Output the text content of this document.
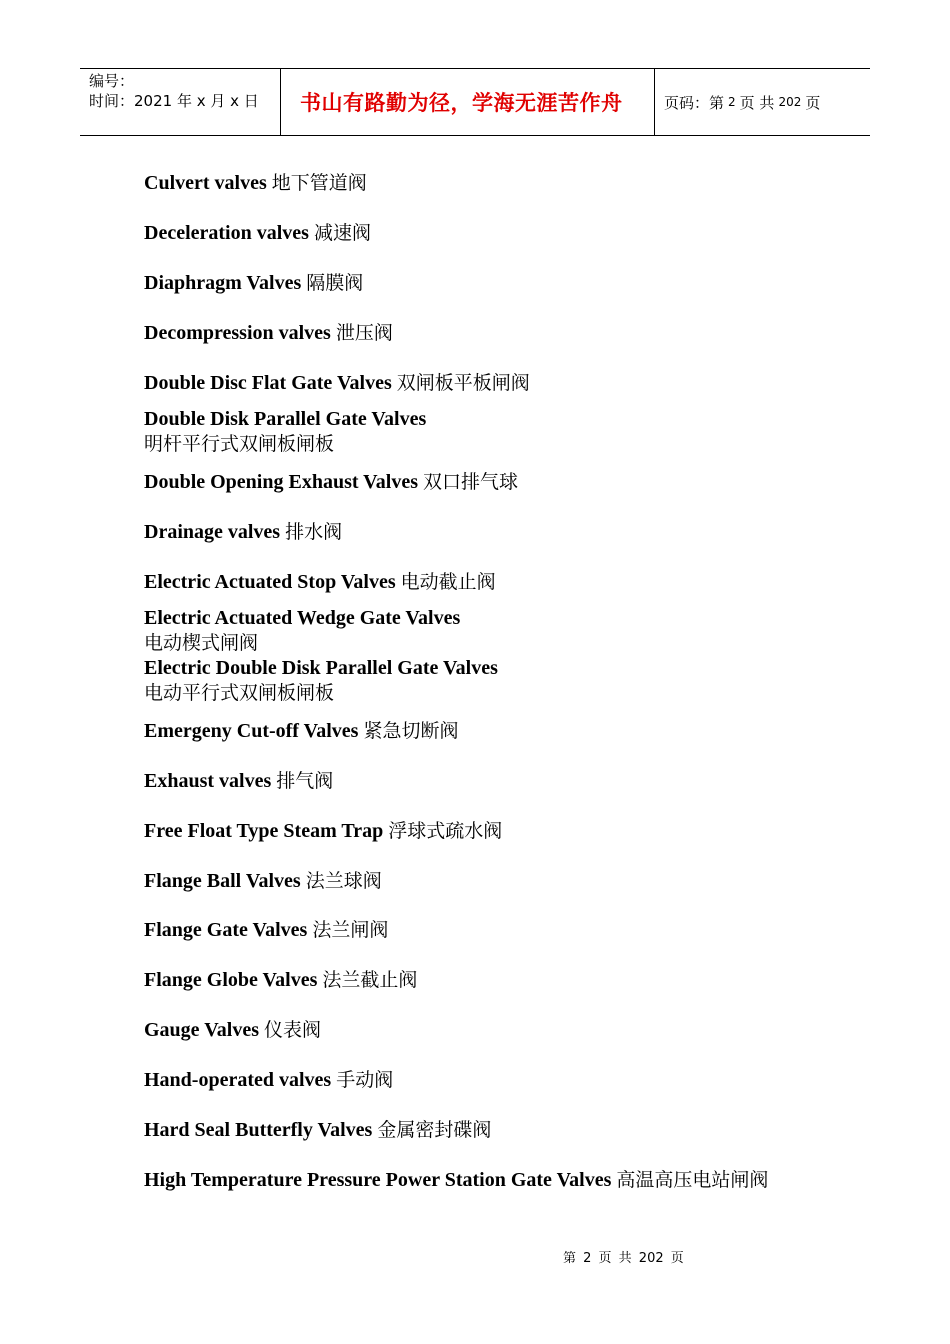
编号：
时间：2021 年 x 月 x 日	书山有路勤为径，学海无涯苦作舟	页码：第 2 页 共 202 页
Culvert valves 地下管道阀
Deceleration valves 减速阀
Diaphragm Valves 隔膜阀
Decompression valves 泄压阀
Double Disc Flat Gate Valves 双闸板平板闸阀
Double Disk Parallel Gate Valves
明杆平行式双闸板闸板
Double Opening Exhaust Valves 双口排气球
Drainage valves 排水阀
Electric Actuated Stop Valves 电动截止阀
Electric Actuated Wedge Gate Valves
电动楔式闸阀
Electric Double Disk Parallel Gate Valves
电动平行式双闸板闸板
Emergeny Cut-off Valves 紧急切断阀
Exhaust valves 排气阀
Free Float Type Steam Trap 浮球式疏水阀
Flange Ball Valves 法兰球阀
Flange Gate Valves 法兰闸阀
Flange Globe Valves 法兰截止阀
Gauge Valves 仪表阀
Hand-operated valves 手动阀
Hard Seal Butterfly Valves 金属密封碟阀
High Temperature Pressure Power Station Gate Valves 高温高压电站闸阀
第 2 页 共 202 页
